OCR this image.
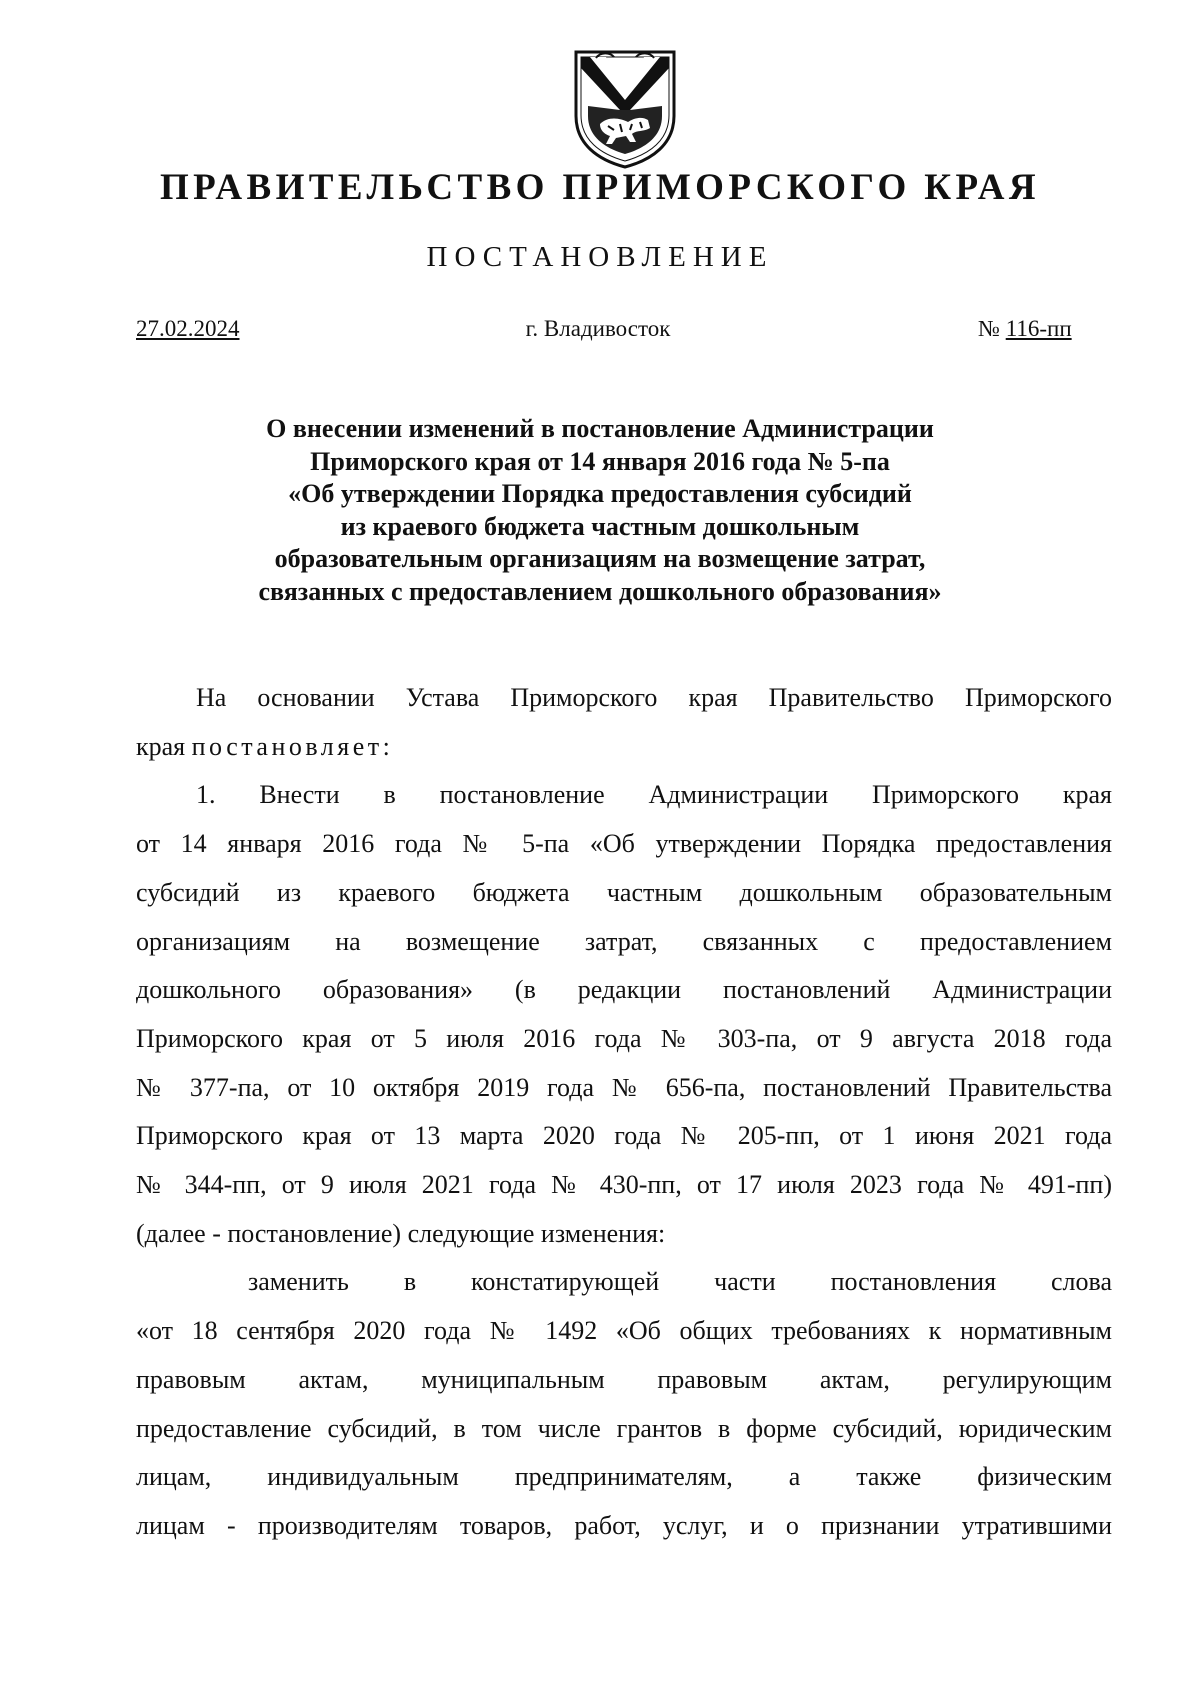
ПРАВИТЕЛЬСТВО ПРИМОРСКОГО КРАЯ
ПОСТАНОВЛЕНИЕ
27.02.2024	г. Владивосток	№ 116-пп
О внесении изменений в постановление Администрации
Приморского края от 14 января 2016 года № 5-па
«Об утверждении Порядка предоставления субсидий
из краевого бюджета частным дошкольным
образовательным организациям на возмещение затрат,
связанных с предоставлением дошкольного образования»
На основании Устава Приморского края Правительство Приморского
края постановляет:
1. Внести в постановление Администрации Приморского края
от 14 января 2016 года № 5-па «Об утверждении Порядка предоставления
субсидий из краевого бюджета частным дошкольным образовательным
организациям на возмещение затрат, связанных с предоставлением
дошкольного образования» (в редакции постановлений Администрации
Приморского края от 5 июля 2016 года № 303-па, от 9 августа 2018 года
№ 377-па, от 10 октября 2019 года № 656-па, постановлений Правительства
Приморского края от 13 марта 2020 года № 205-пп, от 1 июня 2021 года
№ 344-пп, от 9 июля 2021 года № 430-пп, от 17 июля 2023 года № 491-пп)
(далее - постановление) следующие изменения:
заменить в констатирующей части постановления слова
«от 18 сентября 2020 года № 1492 «Об общих требованиях к нормативным
правовым актам, муниципальным правовым актам, регулирующим
предоставление субсидий, в том числе грантов в форме субсидий, юридическим
лицам, индивидуальным предпринимателям, а также физическим
лицам - производителям товаров, работ, услуг, и о признании утратившими
